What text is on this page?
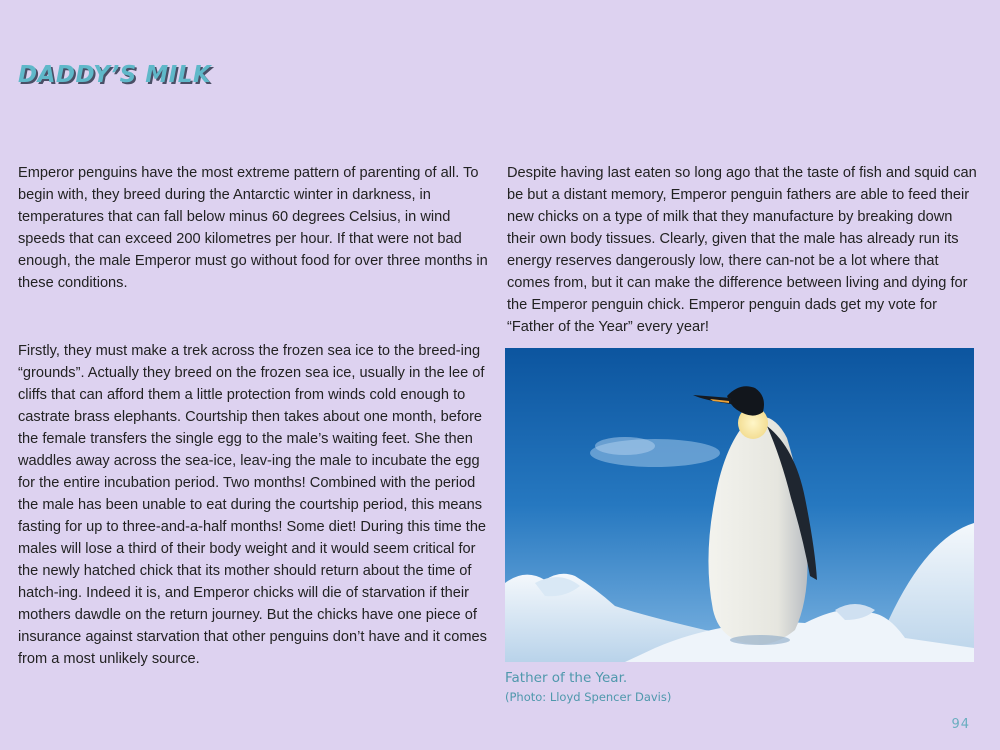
DADDY’S MILK

Emperor penguins have the most extreme pattern of parenting of all. To begin with, they breed during the Antarctic winter in darkness, in temperatures that can fall below minus 60 degrees Celsius, in wind speeds that can exceed 200 kilometres per hour. If that were not bad enough, the male Emperor must go without food for over three months in these conditions.

Firstly, they must make a trek across the frozen sea ice to the breed-ing “grounds”. Actually they breed on the frozen sea ice, usually in the lee of cliffs that can afford them a little protection from winds cold enough to castrate brass elephants. Courtship then takes about one month, before the female transfers the single egg to the male’s waiting feet. She then waddles away across the sea-ice, leav-ing the male to incubate the egg for the entire incubation period. Two months! Combined with the period the male has been unable to eat during the courtship period, this means fasting for up to three-and-a-half months! Some diet! During this time the males will lose a third of their body weight and it would seem critical for the newly hatched chick that its mother should return about the time of hatch-ing. Indeed it is, and Emperor chicks will die of starvation if their mothers dawdle on the return journey. But the chicks have one piece of insurance against starvation that other penguins don’t have and it comes from a most unlikely source.

Despite having last eaten so long ago that the taste of fish and squid can be but a distant memory, Emperor penguin fathers are able to feed their new chicks on a type of milk that they manufacture by breaking down their own body tissues. Clearly, given that the male has already run its energy reserves dangerously low, there can-not be a lot where that comes from, but it can make the difference between living and dying for the Emperor penguin chick. Emperor penguin dads get my vote for “Father of the Year” every year!

Father of the Year.

(Photo: Lloyd Spencer Davis)

94
